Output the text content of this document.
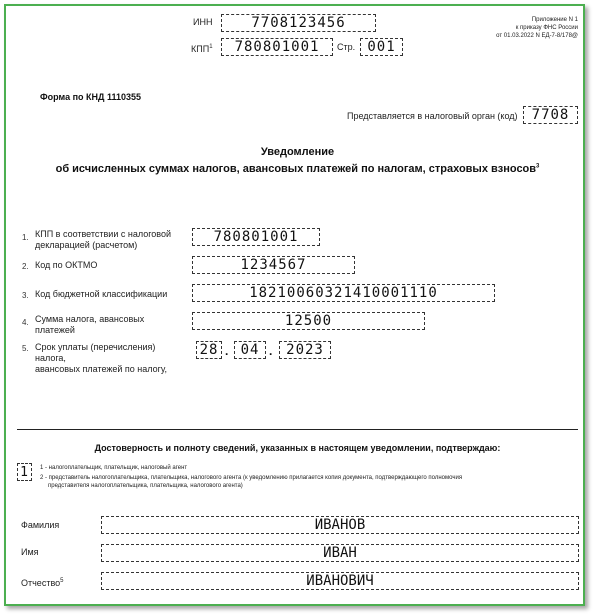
ИНН	7708123456
КПП$^1$	780801001	Стр. 001
Приложение N 1
к приказу ФНС России
от 01.03.2022 N ЕД-7-8/178@
Форма по КНД 1110355
Представляется в налоговый орган (код)	7708
Уведомление
об исчисленных суммах налогов, авансовых платежей по налогам, страховых взносов$^3$
1. КПП в соответствии с налоговой
декларацией (расчетом)	780801001
2. Код по ОКТМО	1234567
3. Код бюджетной классификации	18210060321410001110
4. Сумма налога, авансовых
платежей
12500
5. Срок уплаты (перечисления)
налога,
авансовых платежей по налогу,
28 . 04 . 2023
Достоверность и полноту сведений, указанных в настоящем уведомлении, подтверждаю:
1	1 - налогоплательщик, плательщик, налоговый агент
2 - представитель налогоплательщика, плательщика, налогового агента (к уведомлению прилагается копия документа, подтверждающего полномочия
представителя налогоплательщика, плательщика, налогового агента)
Фамилия	ИВАНОВ
Имя	ИВАН
Отчество$^5$	ИВАНОВИЧ
